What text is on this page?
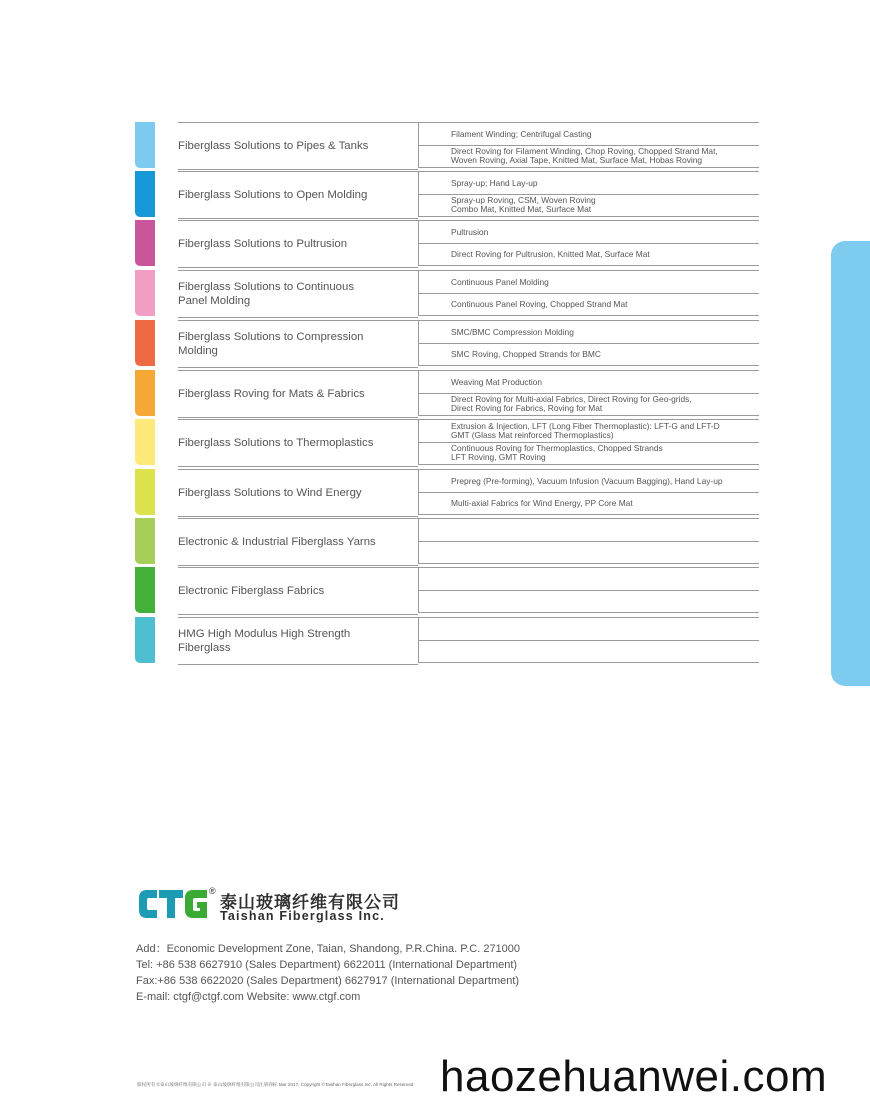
Fiberglass Solutions to Pipes & Tanks
Filament Winding; Centrifugal Casting
Direct Roving for Filament Winding, Chop Roving, Chopped Strand Mat,
Woven Roving, Axial Tape, Knitted Mat, Surface Mat, Hobas Roving
Fiberglass Solutions to Open Molding
Spray-up; Hand Lay-up
Spray-up Roving, CSM, Woven Roving
Combo Mat, Knitted Mat, Surface Mat
Fiberglass Solutions to Pultrusion
Pultrusion
Direct Roving for Pultrusion, Knitted Mat, Surface Mat
Fiberglass Solutions to Continuous
Panel Molding
Continuous Panel Molding
Continuous Panel Roving, Chopped Strand Mat
Fiberglass Solutions to Compression
Molding
SMC/BMC Compression Molding
SMC Roving, Chopped Strands for BMC
Fiberglass Roving for Mats & Fabrics
Weaving Mat Production
Direct Roving for Multi-axial Fabrics, Direct Roving for Geo-grids,
Direct Roving for Fabrics, Roving for Mat
Fiberglass Solutions to Thermoplastics
Extrusion & Injection, LFT (Long Fiber Thermoplastic): LFT-G and LFT-D
GMT (Glass Mat reinforced Thermoplastics)
Continuous Roving for Thermoplastics, Chopped Strands
LFT Roving, GMT Roving
Fiberglass Solutions to Wind Energy
Prepreg (Pre-forming), Vacuum Infusion (Vacuum Bagging), Hand Lay-up
Multi-axial Fabrics for Wind Energy, PP Core Mat
Electronic & Industrial Fiberglass Yarns
Electronic Fiberglass Fabrics
HMG High Modulus High Strength
Fiberglass
®
泰山玻璃纤维有限公司
Taishan Fiberglass Inc.
Add：Economic Development Zone, Taian, Shandong, P.R.China. P.C. 271000
Tel: +86 538 6627910 (Sales Department) 6622011 (International Department)
Fax:+86 538 6622020 (Sales Department) 6627917 (International Department)
E-mail: ctgf@ctgf.com Website: www.ctgf.com
版权所有 ©泰山玻璃纤维有限公司 ⊕ 泰山玻璃纤维有限公司注册商标 Mar 2017, Copyright ©Taishan Fiberglass Inc. All Rights Reserved haozehuanwei.com
